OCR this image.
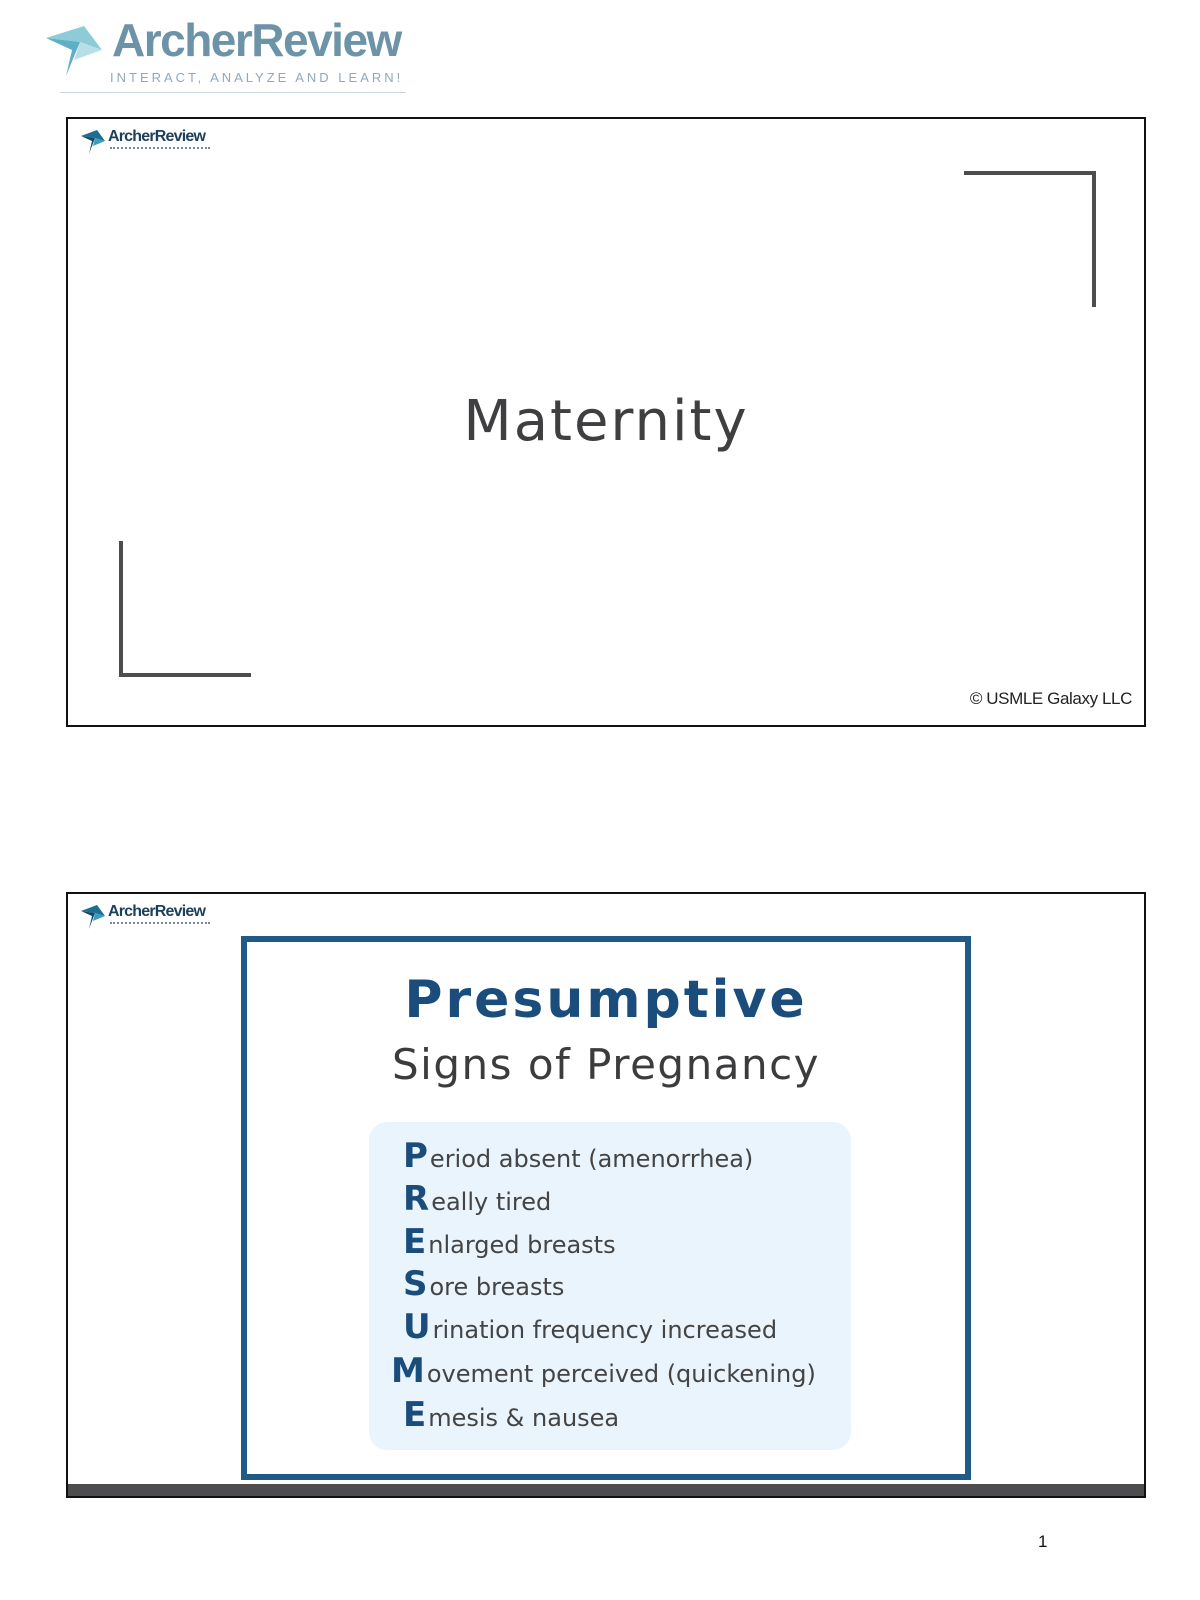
ArcherReview
INTERACT, ANALYZE AND LEARN!
ArcherReview
Maternity
© USMLE Galaxy LLC
ArcherReview
Presumptive
Signs of Pregnancy
P eriod absent (amenorrhea)
R eally tired
E nlarged breasts
S ore breasts
U rination frequency increased
M ovement perceived (quickening)
E mesis & nausea
1
